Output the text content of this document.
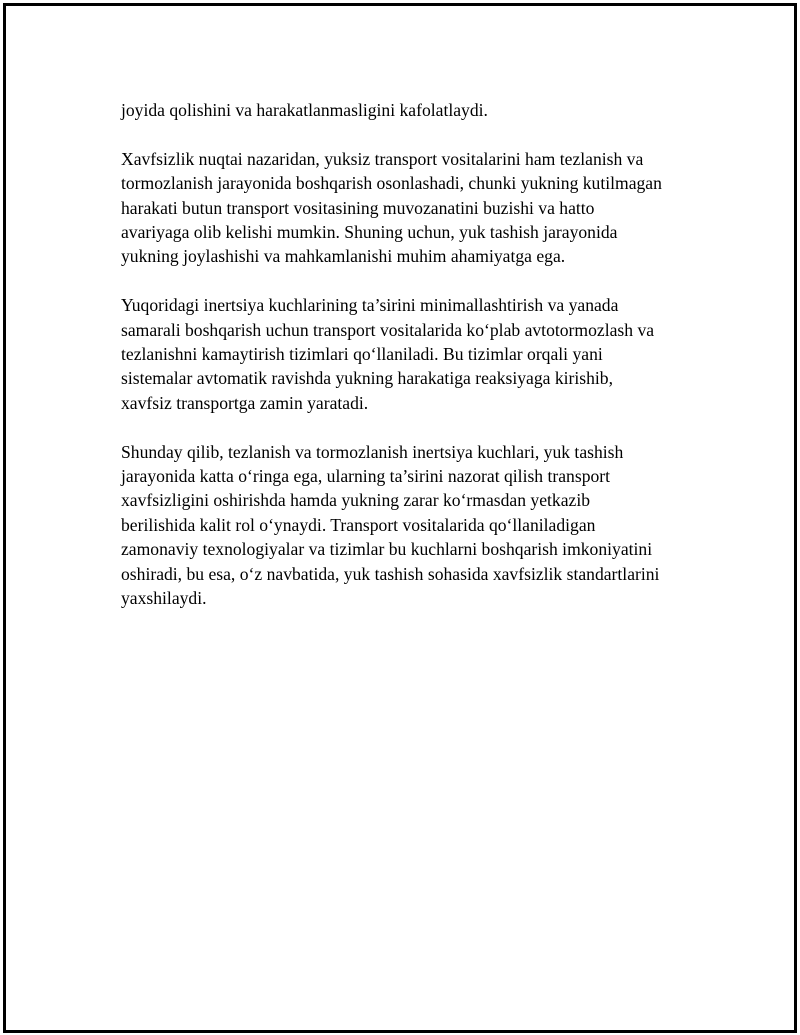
joyida qolishini va harakatlanmasligini kafolatlaydi.

Xavfsizlik nuqtai nazaridan, yuksiz transport vositalarini ham tezlanish va
tormozlanish jarayonida boshqarish osonlashadi, chunki yukning kutilmagan
harakati butun transport vositasining muvozanatini buzishi va hatto
avariyaga olib kelishi mumkin. Shuning uchun, yuk tashish jarayonida
yukning joylashishi va mahkamlanishi muhim ahamiyatga ega.

Yuqoridagi inertsiya kuchlarining ta’sirini minimallashtirish va yanada
samarali boshqarish uchun transport vositalarida ko‘plab avtotormozlash va
tezlanishni kamaytirish tizimlari qo‘llaniladi. Bu tizimlar orqali yani
sistemalar avtomatik ravishda yukning harakatiga reaksiyaga kirishib,
xavfsiz transportga zamin yaratadi.

Shunday qilib, tezlanish va tormozlanish inertsiya kuchlari, yuk tashish
jarayonida katta o‘ringa ega, ularning ta’sirini nazorat qilish transport
xavfsizligini oshirishda hamda yukning zarar ko‘rmasdan yetkazib
berilishida kalit rol o‘ynaydi. Transport vositalarida qo‘llaniladigan
zamonaviy texnologiyalar va tizimlar bu kuchlarni boshqarish imkoniyatini
oshiradi, bu esa, o‘z navbatida, yuk tashish sohasida xavfsizlik standartlarini
yaxshilaydi.
